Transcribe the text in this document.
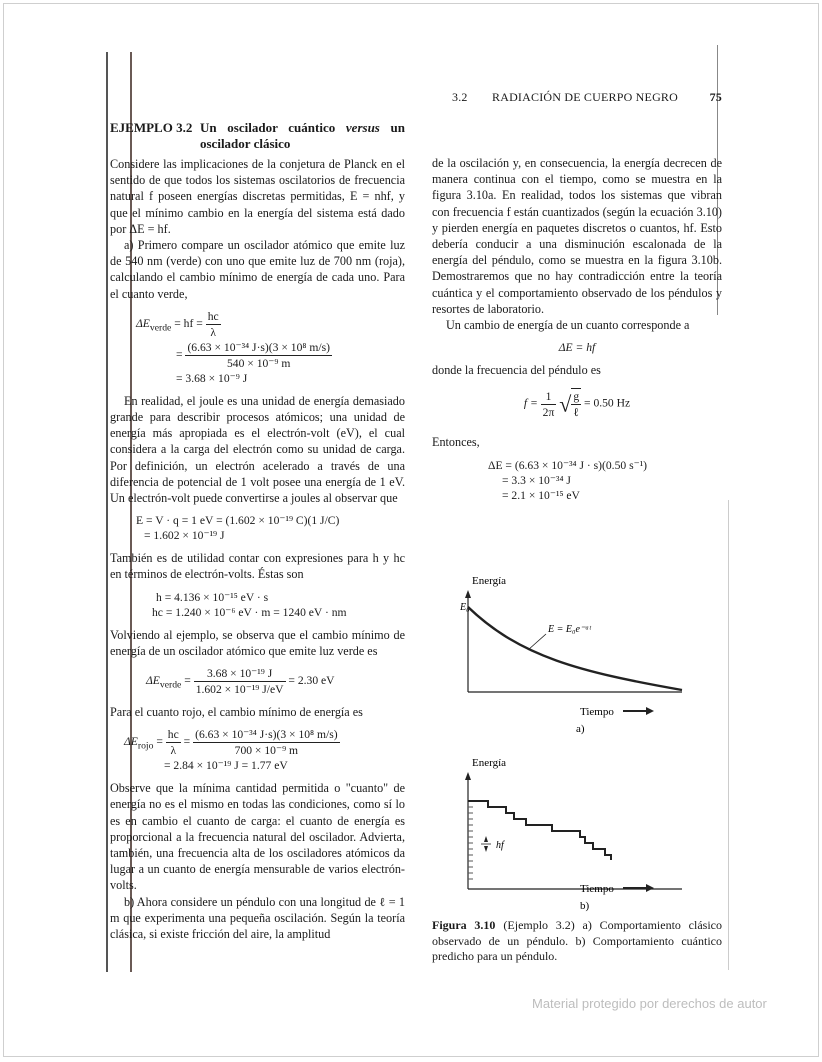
3.2 RADIACIÓN DE CUERPO NEGRO	75
EJEMPLO 3.2 Un oscilador cuántico versus un oscilador clásico

Considere las implicaciones de la conjetura de Planck en el sentido de que todos los sistemas oscilatorios de frecuencia natural f poseen energías discretas permitidas, E = nhf, y que el mínimo cambio en la energía del sistema está dado por ΔE = hf.

a) Primero compare un oscilador atómico que emite luz de 540 nm (verde) con uno que emite luz de 700 nm (roja), calculando el cambio mínimo de energía de cada uno. Para el cuanto verde,

$\Delta E_{verde}$ = hf = $\frac{hc}{\lambda}$
= $\frac{\text{(6.63 × 10⁻³⁴ J·s)(3 × 10⁸ m/s)}}{\text{540 × 10⁻⁹ m}}$
= 3.68 × 10⁻⁹ J

En realidad, el joule es una unidad de energía demasiado grande para describir procesos atómicos; una unidad de energía más apropiada es el electrón-volt (eV), el cual considera a la carga del electrón como su unidad de carga. Por definición, un electrón acelerado a través de una diferencia de potencial de 1 volt posee una energía de 1 eV. Un electrón-volt puede convertirse a joules al observar que

E = V · q = 1 eV = (1.602 × 10⁻¹⁹ C)(1 J/C)
= 1.602 × 10⁻¹⁹ J

También es de utilidad contar con expresiones para h y hc en términos de electrón-volts. Éstas son

h = 4.136 × 10⁻¹⁵ eV · s
hc = 1.240 × 10⁻⁶ eV · m = 1240 eV · nm

Volviendo al ejemplo, se observa que el cambio mínimo de energía de un oscilador atómico que emite luz verde es

$\Delta E_{verde} = \frac{\text{3.68 × 10⁻¹⁹ J}}{\text{1.602 × 10⁻¹⁹ J/eV}} = 2.30$ eV

Para el cuanto rojo, el cambio mínimo de energía es

$\Delta E_{rojo} = \frac{hc}{\lambda} = \frac{\text{(6.63 × 10⁻³⁴ J·s)(3 × 10⁸ m/s)}}{\text{700 × 10⁻⁹ m}}$
= 2.84 × 10⁻¹⁹ J = 1.77 eV

Observe que la mínima cantidad permitida o "cuanto" de energía no es el mismo en todas las condiciones, como sí lo es en cambio el cuanto de carga: el cuanto de energía es proporcional a la frecuencia natural del oscilador. Advierta, también, una frecuencia alta de los osciladores atómicos da lugar a un cuanto de energía mensurable de varios electrón-volts.

b) Ahora considere un péndulo con una longitud de ℓ = 1 m que experimenta una pequeña oscilación. Según la teoría clásica, si existe fricción del aire, la amplitud

de la oscilación y, en consecuencia, la energía decrecen de manera continua con el tiempo, como se muestra en la figura 3.10a. En realidad, todos los sistemas que vibran con frecuencia f están cuantizados (según la ecuación 3.10) y pierden energía en paquetes discretos o cuantos, hf. Esto debería conducir a una disminución escalonada de la energía del péndulo, como se muestra en la figura 3.10b. Demostraremos que no hay contradicción entre la teoría cuántica y el comportamiento observado de los péndulos y resortes de laboratorio.

Un cambio de energía de un cuanto corresponde a

ΔE = hf

donde la frecuencia del péndulo es

$f = \frac{1}{2\pi}$ √ $\frac{g}{\text{ℓ}} = 0.50$ Hz

Entonces,

ΔE = (6.63 × 10⁻³⁴ J · s)(0.50 s⁻¹)
= 3.3 × 10⁻³⁴ J
= 2.1 × 10⁻¹⁵ eV
Energía
E₀
E = E₀e⁻ᵅᵗ
Tiempo
a)
Energía
hf
Tiempo
b)
Figura 3.10 (Ejemplo 3.2) a) Comportamiento clásico observado de un péndulo. b) Comportamiento cuántico predicho para un péndulo.
Material protegido por derechos de autor
